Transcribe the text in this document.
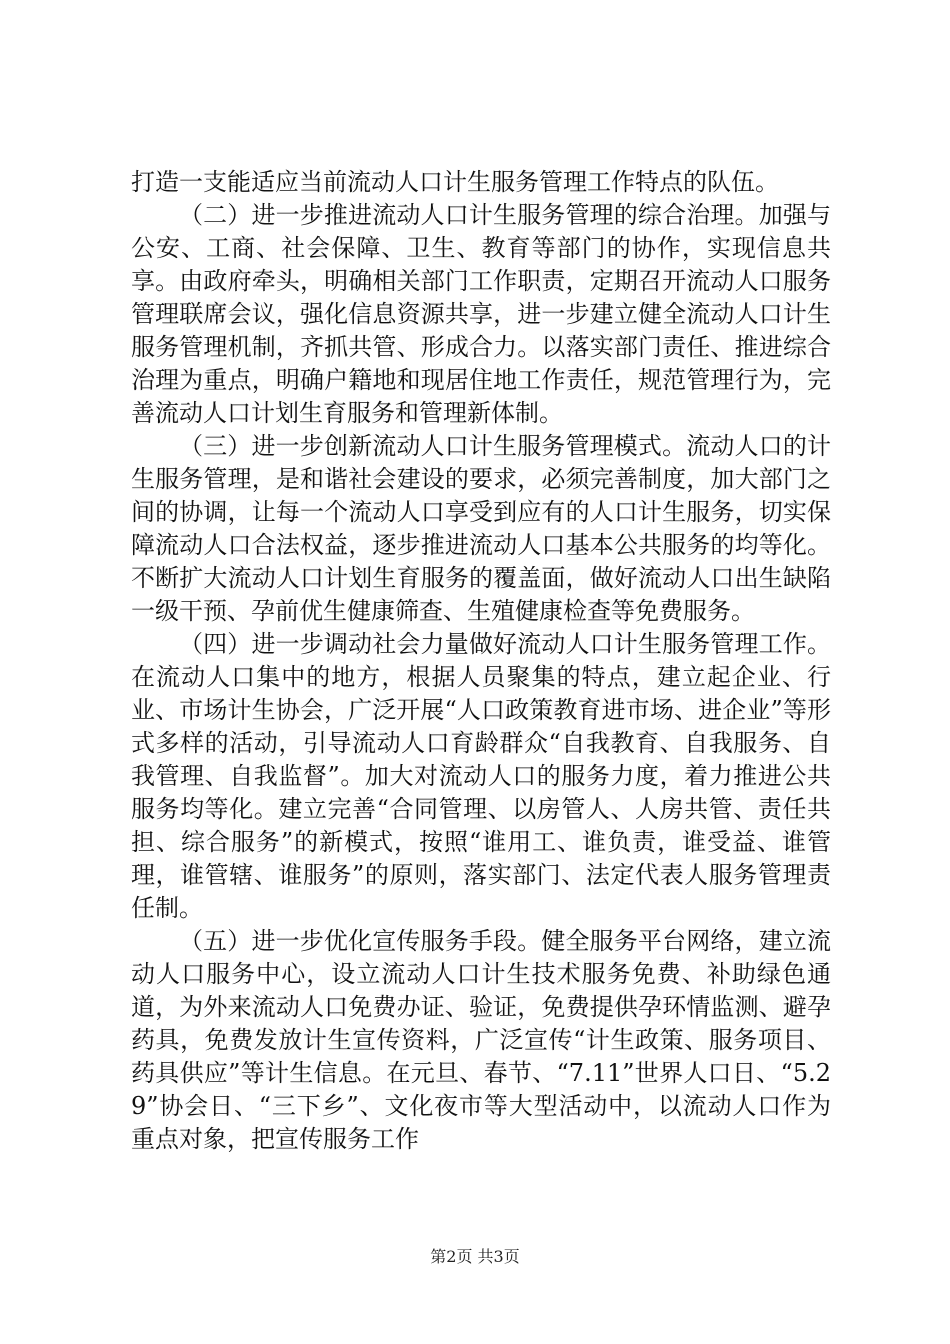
打造一支能适应当前流动人口计生服务管理工作特点的队伍。

（二）进一步推进流动人口计生服务管理的综合治理。加强与公安、工商、社会保障、卫生、教育等部门的协作，实现信息共享。由政府牵头，明确相关部门工作职责，定期召开流动人口服务管理联席会议，强化信息资源共享，进一步建立健全流动人口计生服务管理机制，齐抓共管、形成合力。以落实部门责任、推进综合治理为重点，明确户籍地和现居住地工作责任，规范管理行为，完善流动人口计划生育服务和管理新体制。

（三）进一步创新流动人口计生服务管理模式。流动人口的计生服务管理，是和谐社会建设的要求，必须完善制度，加大部门之间的协调，让每一个流动人口享受到应有的人口计生服务，切实保障流动人口合法权益，逐步推进流动人口基本公共服务的均等化。不断扩大流动人口计划生育服务的覆盖面，做好流动人口出生缺陷一级干预、孕前优生健康筛查、生殖健康检查等免费服务。

（四）进一步调动社会力量做好流动人口计生服务管理工作。在流动人口集中的地方，根据人员聚集的特点，建立起企业、行业、市场计生协会，广泛开展“人口政策教育进市场、进企业”等形式多样的活动，引导流动人口育龄群众“自我教育、自我服务、自我管理、自我监督”。加大对流动人口的服务力度，着力推进公共服务均等化。建立完善“合同管理、以房管人、人房共管、责任共担、综合服务”的新模式，按照“谁用工、谁负责，谁受益、谁管理，谁管辖、谁服务”的原则，落实部门、法定代表人服务管理责任制。

（五）进一步优化宣传服务手段。健全服务平台网络，建立流动人口服务中心，设立流动人口计生技术服务免费、补助绿色通道，为外来流动人口免费办证、验证，免费提供孕环情监测、避孕药具，免费发放计生宣传资料，广泛宣传“计生政策、服务项目、药具供应”等计生信息。在元旦、春节、“7.11”世界人口日、“5.29”协会日、“三下乡”、文化夜市等大型活动中，以流动人口作为重点对象，把宣传服务工作

第2页 共3页
